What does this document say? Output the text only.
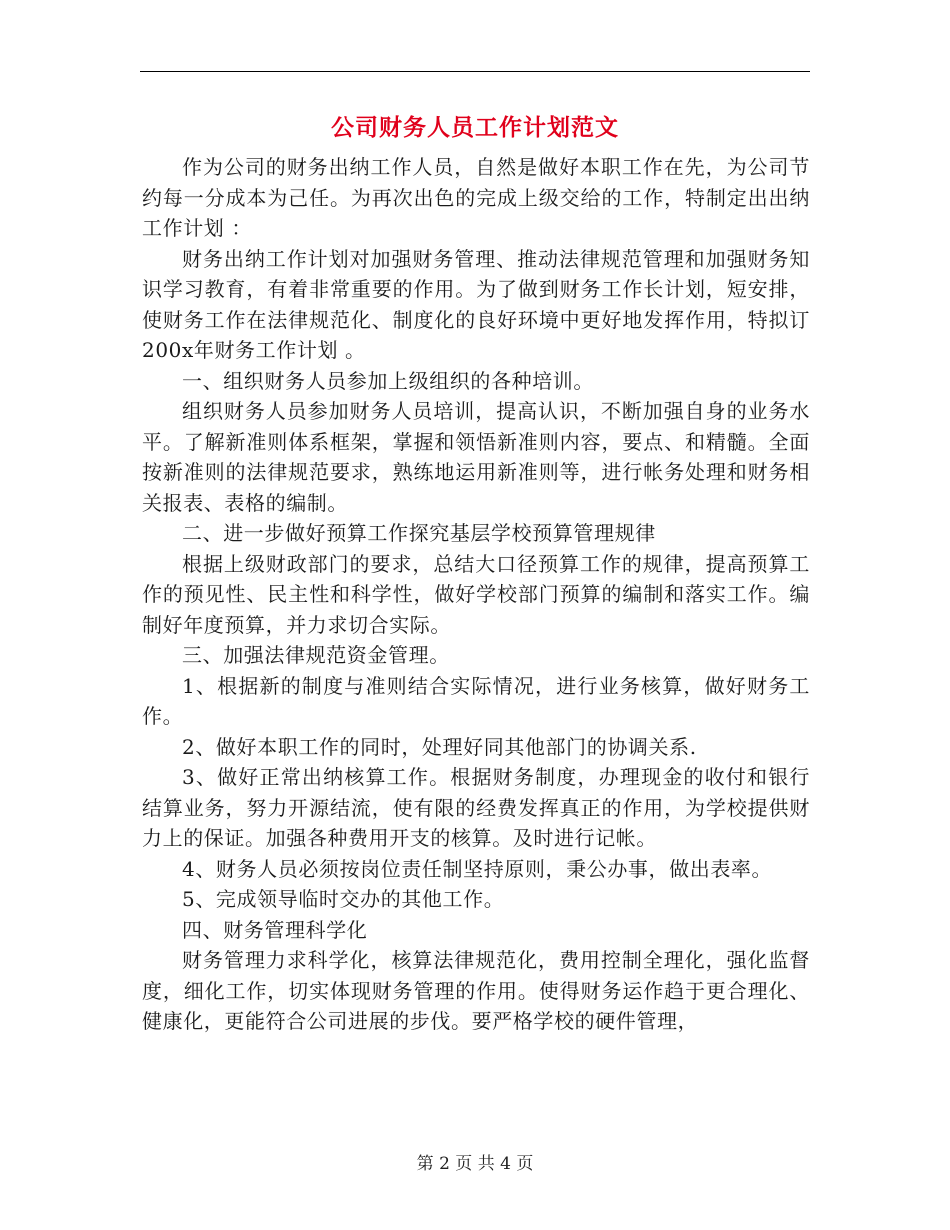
公司财务人员工作计划范文

作为公司的财务出纳工作人员，自然是做好本职工作在先，为公司节约每一分成本为己任。为再次出色的完成上级交给的工作，特制定出出纳工作计划 ：

财务出纳工作计划对加强财务管理、推动法律规范管理和加强财务知识学习教育，有着非常重要的作用。为了做到财务工作长计划，短安排，使财务工作在法律规范化、制度化的良好环境中更好地发挥作用，特拟订200x年财务工作计划 。

一、组织财务人员参加上级组织的各种培训。

组织财务人员参加财务人员培训，提高认识，不断加强自身的业务水平。了解新准则体系框架，掌握和领悟新准则内容，要点、和精髓。全面按新准则的法律规范要求，熟练地运用新准则等，进行帐务处理和财务相关报表、表格的编制。

二、进一步做好预算工作探究基层学校预算管理规律

根据上级财政部门的要求，总结大口径预算工作的规律，提高预算工作的预见性、民主性和科学性，做好学校部门预算的编制和落实工作。编制好年度预算，并力求切合实际。

三、加强法律规范资金管理。

1、根据新的制度与准则结合实际情况，进行业务核算，做好财务工作。

2、做好本职工作的同时，处理好同其他部门的协调关系.

3、做好正常出纳核算工作。根据财务制度，办理现金的收付和银行结算业务，努力开源结流，使有限的经费发挥真正的作用，为学校提供财力上的保证。加强各种费用开支的核算。及时进行记帐。

4、财务人员必须按岗位责任制坚持原则，秉公办事，做出表率。

5、完成领导临时交办的其他工作。

四、财务管理科学化

财务管理力求科学化，核算法律规范化，费用控制全理化，强化监督度，细化工作，切实体现财务管理的作用。使得财务运作趋于更合理化、健康化，更能符合公司进展的步伐。要严格学校的硬件管理，

第 2 页 共 4 页
